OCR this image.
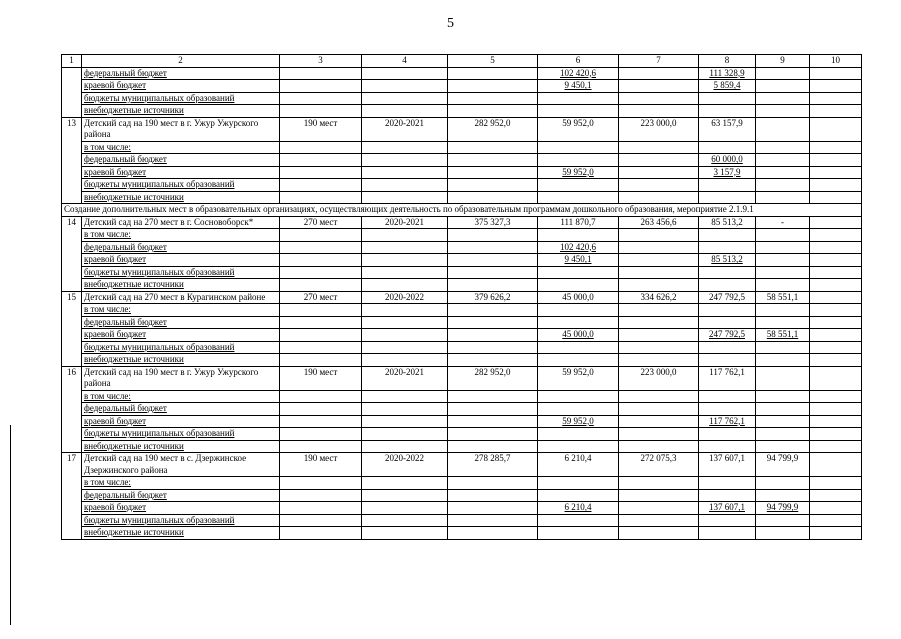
5
1	2	3	4	5	6	7	8	9	10
	федеральный бюджет				102 420,6		111 328,9		
	краевой бюджет				9 450,1		5 859,4		
	бюджеты муниципальных образований								
	внебюджетные источники								
13	Детский сад на 190 мест в г. Ужур Ужурского района	190 мест	2020-2021	282 952,0	59 952,0	223 000,0	63 157,9		
	в том числе:								
	федеральный бюджет						60 000,0		
	краевой бюджет				59 952,0		3 157,9		
	бюджеты муниципальных образований								
	внебюджетные источники								
Создание дополнительных мест в образовательных организациях, осуществляющих деятельность по образовательным программам дошкольного образования, мероприятие 2.1.9.1									
14	Детский сад на 270 мест в г. Сосновоборск*	270 мест	2020-2021	375 327,3	111 870,7	263 456,6	85 513,2	-	
	в том числе:								
	федеральный бюджет				102 420,6				
	краевой бюджет				9 450,1		85 513,2		
	бюджеты муниципальных образований								
	внебюджетные источники								
15	Детский сад на 270 мест в Курагинском районе	270 мест	2020-2022	379 626,2	45 000,0	334 626,2	247 792,5	58 551,1	
	в том числе:								
	федеральный бюджет								
	краевой бюджет				45 000,0		247 792,5	58 551,1	
	бюджеты муниципальных образований								
	внебюджетные источники								
16	Детский сад на 190 мест в г. Ужур Ужурского района	190 мест	2020-2021	282 952,0	59 952,0	223 000,0	117 762,1		
	в том числе:								
	федеральный бюджет								
	краевой бюджет				59 952,0		117 762,1		
	бюджеты муниципальных образований								
	внебюджетные источники								
17	Детский сад на 190 мест в с. Дзержинское Дзержинского района	190 мест	2020-2022	278 285,7	6 210,4	272 075,3	137 607,1	94 799,9	
	в том числе:								
	федеральный бюджет								
	краевой бюджет				6 210,4		137 607,1	94 799,9	
	бюджеты муниципальных образований								
	внебюджетные источники								
